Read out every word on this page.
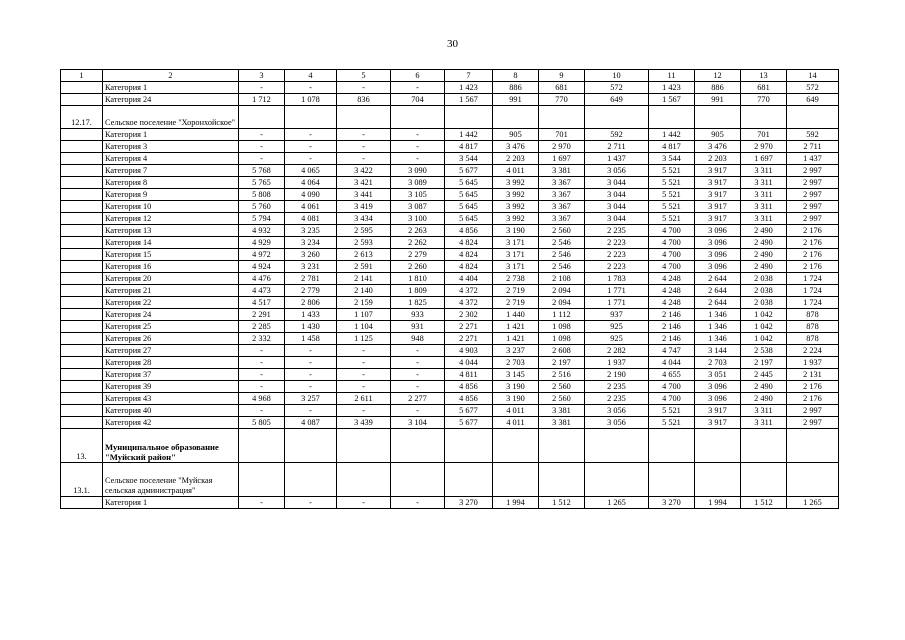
30
1	2	3	4	5	6	7	8	9	10	11	12	13	14
	Категория 1	-	-	-	-	1 423	886	681	572	1 423	886	681	572
	Категория 24	1 712	1 078	836	704	1 567	991	770	649	1 567	991	770	649
12.17.	Сельское поселение "Хоронхойское"												
	Категория 1	-	-	-	-	1 442	905	701	592	1 442	905	701	592
	Категория 3	-	-	-	-	4 817	3 476	2 970	2 711	4 817	3 476	2 970	2 711
	Категория 4	-	-	-	-	3 544	2 203	1 697	1 437	3 544	2 203	1 697	1 437
	Категория 7	5 768	4 065	3 422	3 090	5 677	4 011	3 381	3 056	5 521	3 917	3 311	2 997
	Категория 8	5 765	4 064	3 421	3 089	5 645	3 992	3 367	3 044	5 521	3 917	3 311	2 997
	Категория 9	5 808	4 090	3 441	3 105	5 645	3 992	3 367	3 044	5 521	3 917	3 311	2 997
	Категория 10	5 760	4 061	3 419	3 087	5 645	3 992	3 367	3 044	5 521	3 917	3 311	2 997
	Категория 12	5 794	4 081	3 434	3 100	5 645	3 992	3 367	3 044	5 521	3 917	3 311	2 997
	Категория 13	4 932	3 235	2 595	2 263	4 856	3 190	2 560	2 235	4 700	3 096	2 490	2 176
	Категория 14	4 929	3 234	2 593	2 262	4 824	3 171	2 546	2 223	4 700	3 096	2 490	2 176
	Категория 15	4 972	3 260	2 613	2 279	4 824	3 171	2 546	2 223	4 700	3 096	2 490	2 176
	Категория 16	4 924	3 231	2 591	2 260	4 824	3 171	2 546	2 223	4 700	3 096	2 490	2 176
	Категория 20	4 476	2 781	2 141	1 810	4 404	2 738	2 108	1 783	4 248	2 644	2 038	1 724
	Категория 21	4 473	2 779	2 140	1 809	4 372	2 719	2 094	1 771	4 248	2 644	2 038	1 724
	Категория 22	4 517	2 806	2 159	1 825	4 372	2 719	2 094	1 771	4 248	2 644	2 038	1 724
	Категория 24	2 291	1 433	1 107	933	2 302	1 440	1 112	937	2 146	1 346	1 042	878
	Категория 25	2 285	1 430	1 104	931	2 271	1 421	1 098	925	2 146	1 346	1 042	878
	Категория 26	2 332	1 458	1 125	948	2 271	1 421	1 098	925	2 146	1 346	1 042	878
	Категория 27	-	-	-	-	4 903	3 237	2 608	2 282	4 747	3 144	2 538	2 224
	Категория 28	-	-	-	-	4 044	2 703	2 197	1 937	4 044	2 703	2 197	1 937
	Категория 37	-	-	-	-	4 811	3 145	2 516	2 190	4 655	3 051	2 445	2 131
	Категория 39	-	-	-	-	4 856	3 190	2 560	2 235	4 700	3 096	2 490	2 176
	Категория 43	4 968	3 257	2 611	2 277	4 856	3 190	2 560	2 235	4 700	3 096	2 490	2 176
	Категория 40	-	-	-	-	5 677	4 011	3 381	3 056	5 521	3 917	3 311	2 997
	Категория 42	5 805	4 087	3 439	3 104	5 677	4 011	3 381	3 056	5 521	3 917	3 311	2 997
13.	Муниципальное образование "Муйский район"												
13.1.	Сельское поселение "Муйская сельская администрация"												
	Категория 1	-	-	-	-	3 270	1 994	1 512	1 265	3 270	1 994	1 512	1 265
